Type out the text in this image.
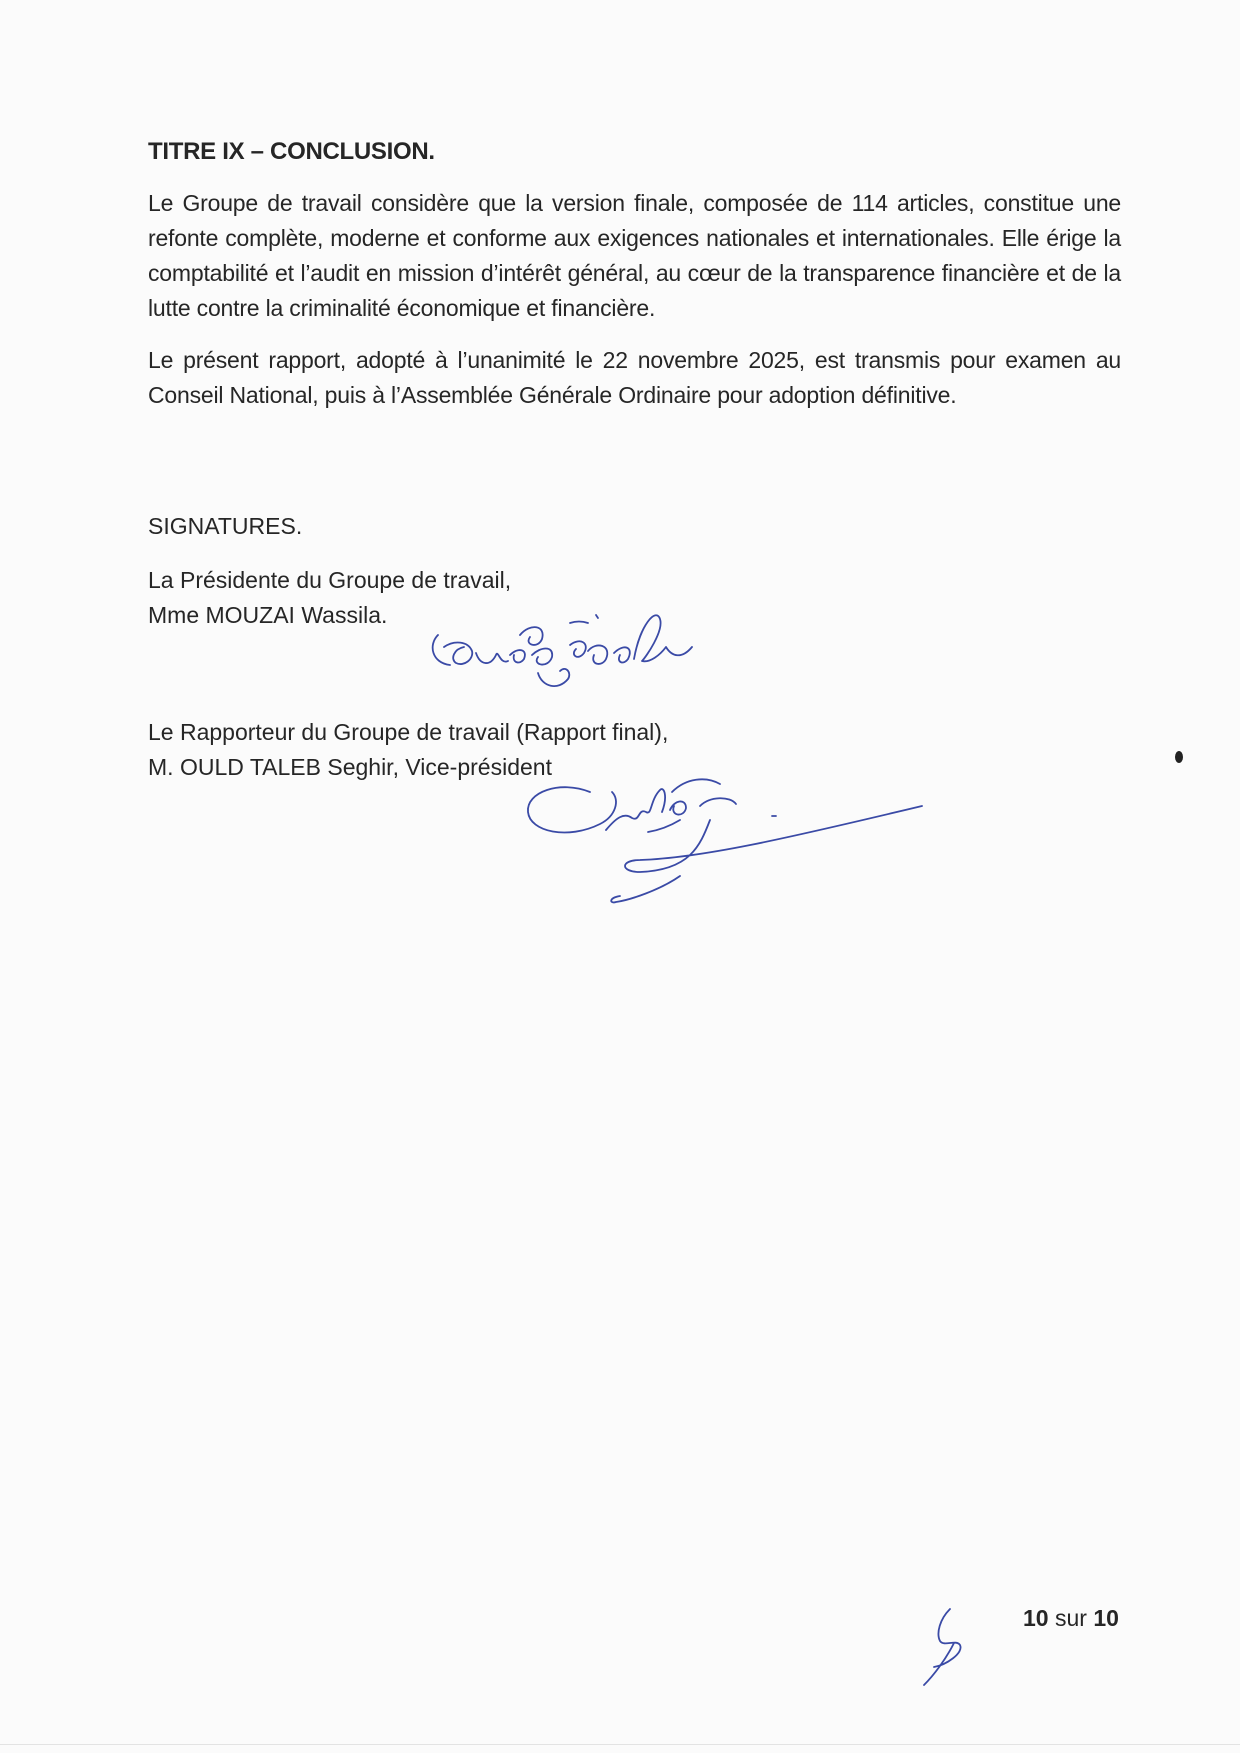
TITRE IX – CONCLUSION.

Le Groupe de travail considère que la version finale, composée de 114 articles, constitue une refonte complète, moderne et conforme aux exigences nationales et internationales. Elle érige la comptabilité et l’audit en mission d’intérêt général, au cœur de la transparence financière et de la lutte contre la criminalité économique et financière.

Le présent rapport, adopté à l’unanimité le 22 novembre 2025, est transmis pour examen au Conseil National, puis à l’Assemblée Générale Ordinaire pour adoption définitive.

SIGNATURES.

La Présidente du Groupe de travail,
Mme MOUZAI Wassila.
Le Rapporteur du Groupe de travail (Rapport final),
M. OULD TALEB Seghir, Vice-président
10 sur 10
